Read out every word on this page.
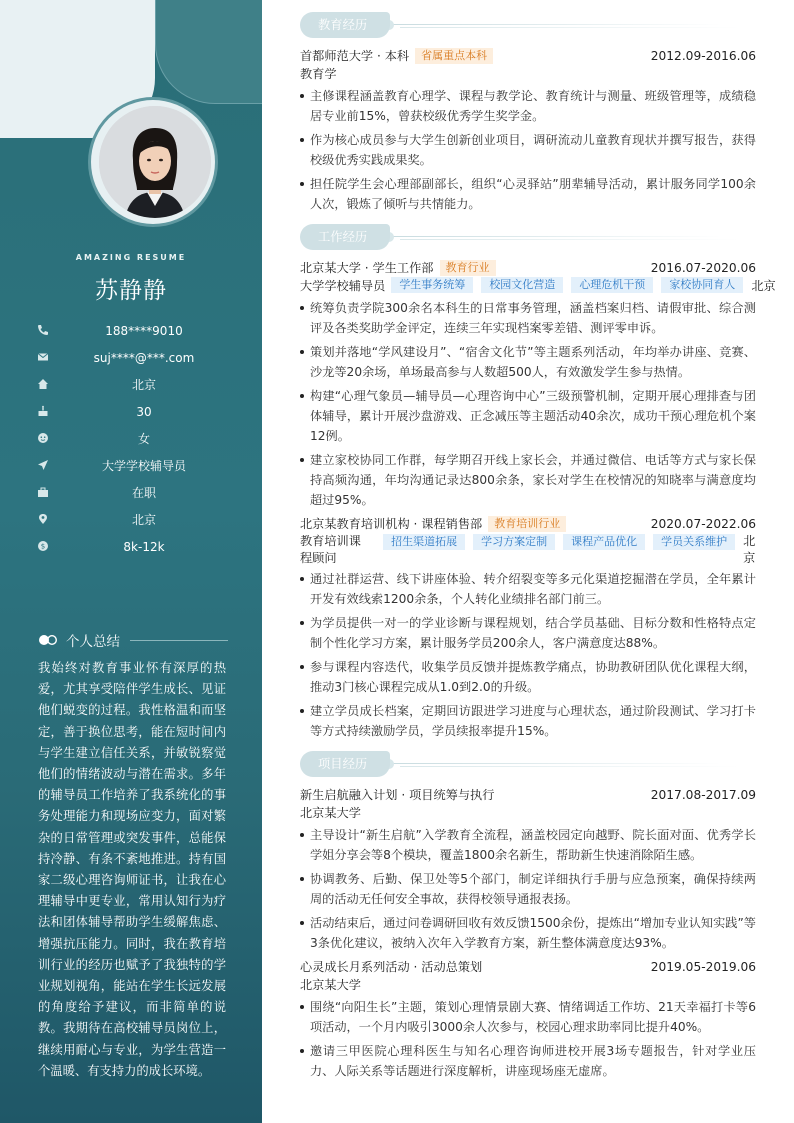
AMAZING RESUME
苏静静
188****9010
suj****@***.com
北京
30
女
大学学校辅导员
在职
北京
$	8k-12k
个人总结
我始终对教育事业怀有深厚的热爱，尤其享受陪伴学生成长、见证他们蜕变的过程。我性格温和而坚定，善于换位思考，能在短时间内与学生建立信任关系，并敏锐察觉他们的情绪波动与潜在需求。多年的辅导员工作培养了我系统化的事务处理能力和现场应变力，面对繁杂的日常管理或突发事件，总能保持冷静、有条不紊地推进。持有国家二级心理咨询师证书，让我在心理辅导中更专业，常用认知行为疗法和团体辅导帮助学生缓解焦虑、增强抗压能力。同时，我在教育培训行业的经历也赋予了我独特的学业规划视角，能站在学生长远发展的角度给予建议，而非简单的说教。我期待在高校辅导员岗位上，继续用耐心与专业，为学生营造一个温暖、有支持力的成长环境。
教育经历
首都师范大学 · 本科	省属重点本科	2012.09-2016.06
教育学
主修课程涵盖教育心理学、课程与教学论、教育统计与测量、班级管理等，成绩稳居专业前15%，曾获校级优秀学生奖学金。
作为核心成员参与大学生创新创业项目，调研流动儿童教育现状并撰写报告，获得校级优秀实践成果奖。
担任院学生会心理部副部长，组织“心灵驿站”朋辈辅导活动，累计服务同学100余人次，锻炼了倾听与共情能力。
工作经历
北京某大学 · 学生工作部	教育行业	2016.07-2020.06
大学学校辅导员	学生事务统筹	校园文化营造	心理危机干预	家校协同育人	北京
统筹负责学院300余名本科生的日常事务管理，涵盖档案归档、请假审批、综合测评及各类奖助学金评定，连续三年实现档案零差错、测评零申诉。
策划并落地“学风建设月”、“宿舍文化节”等主题系列活动，年均举办讲座、竞赛、沙龙等20余场，单场最高参与人数超500人，有效激发学生参与热情。
构建“心理气象员—辅导员—心理咨询中心”三级预警机制，定期开展心理排查与团体辅导，累计开展沙盘游戏、正念减压等主题活动40余次，成功干预心理危机个案12例。
建立家校协同工作群，每学期召开线上家长会，并通过微信、电话等方式与家长保持高频沟通，年均沟通记录达800余条，家长对学生在校情况的知晓率与满意度均超过95%。
北京某教育培训机构 · 课程销售部	教育培训行业	2020.07-2022.06
教育培训课程顾问
招生渠道拓展	学习方案定制	课程产品优化	学员关系维护	北京
通过社群运营、线下讲座体验、转介绍裂变等多元化渠道挖掘潜在学员，全年累计开发有效线索1200余条，个人转化业绩排名部门前三。
为学员提供一对一的学业诊断与课程规划，结合学员基础、目标分数和性格特点定制个性化学习方案，累计服务学员200余人，客户满意度达88%。
参与课程内容迭代，收集学员反馈并提炼教学痛点，协助教研团队优化课程大纲，推动3门核心课程完成从1.0到2.0的升级。
建立学员成长档案，定期回访跟进学习进度与心理状态，通过阶段测试、学习打卡等方式持续激励学员，学员续报率提升15%。
项目经历
新生启航融入计划 · 项目统筹与执行	2017.08-2017.09
北京某大学
主导设计“新生启航”入学教育全流程，涵盖校园定向越野、院长面对面、优秀学长学姐分享会等8个模块，覆盖1800余名新生，帮助新生快速消除陌生感。
协调教务、后勤、保卫处等5个部门，制定详细执行手册与应急预案，确保持续两周的活动无任何安全事故，获得校领导通报表扬。
活动结束后，通过问卷调研回收有效反馈1500余份，提炼出“增加专业认知实践”等3条优化建议，被纳入次年入学教育方案，新生整体满意度达93%。
心灵成长月系列活动 · 活动总策划	2019.05-2019.06
北京某大学
围绕“向阳生长”主题，策划心理情景剧大赛、情绪调适工作坊、21天幸福打卡等6项活动，一个月内吸引3000余人次参与，校园心理求助率同比提升40%。
邀请三甲医院心理科医生与知名心理咨询师进校开展3场专题报告，针对学业压力、人际关系等话题进行深度解析，讲座现场座无虚席。
